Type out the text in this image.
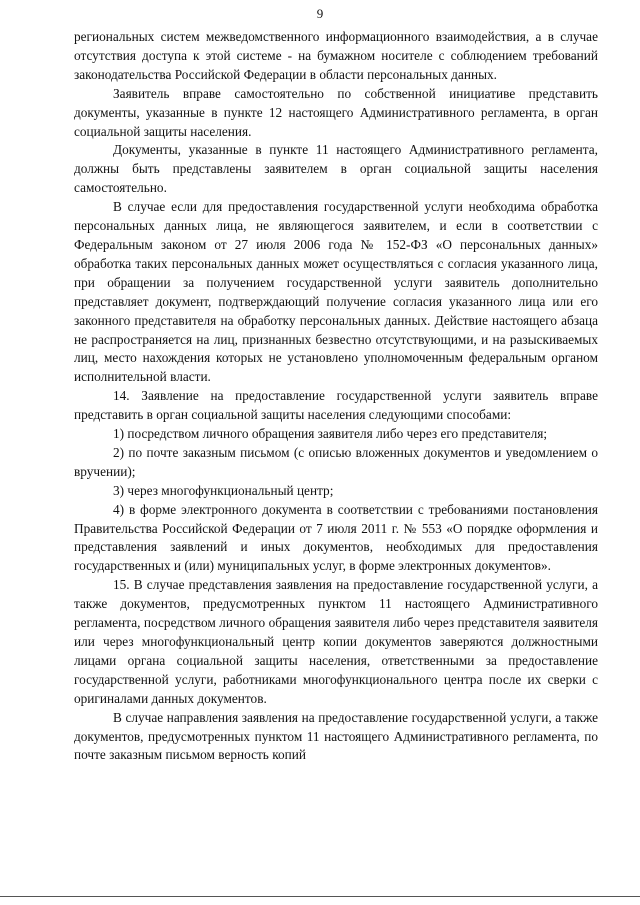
9

региональных систем межведомственного информационного взаимодействия, а в случае отсутствия доступа к этой системе - на бумажном носителе с соблюдением требований законодательства Российской Федерации в области персональных данных.

Заявитель вправе самостоятельно по собственной инициативе представить документы, указанные в пункте 12 настоящего Административного регламента, в орган социальной защиты населения.

Документы, указанные в пункте 11 настоящего Административного регламента, должны быть представлены заявителем в орган социальной защиты населения самостоятельно.

В случае если для предоставления государственной услуги необходима обработка персональных данных лица, не являющегося заявителем, и если в соответствии с Федеральным законом от 27 июля 2006 года № 152-ФЗ «О персональных данных» обработка таких персональных данных может осуществляться с согласия указанного лица, при обращении за получением государственной услуги заявитель дополнительно представляет документ, подтверждающий получение согласия указанного лица или его законного представителя на обработку персональных данных. Действие настоящего абзаца не распространяется на лиц, признанных безвестно отсутствующими, и на разыскиваемых лиц, место нахождения которых не установлено уполномоченным федеральным органом исполнительной власти.

14. Заявление на предоставление государственной услуги заявитель вправе представить в орган социальной защиты населения следующими способами:

1) посредством личного обращения заявителя либо через его представителя;

2) по почте заказным письмом (с описью вложенных документов и уведомлением о вручении);

3) через многофункциональный центр;

4) в форме электронного документа в соответствии с требованиями постановления Правительства Российской Федерации от 7 июля 2011 г. № 553 «О порядке оформления и представления заявлений и иных документов, необходимых для предоставления государственных и (или) муниципальных услуг, в форме электронных документов».

15. В случае представления заявления на предоставление государственной услуги, а также документов, предусмотренных пунктом 11 настоящего Административного регламента, посредством личного обращения заявителя либо через представителя заявителя или через многофункциональный центр копии документов заверяются должностными лицами органа социальной защиты населения, ответственными за предоставление государственной услуги, работниками многофункционального центра после их сверки с оригиналами данных документов.

В случае направления заявления на предоставление государственной услуги, а также документов, предусмотренных пунктом 11 настоящего Административного регламента, по почте заказным письмом верность копий
